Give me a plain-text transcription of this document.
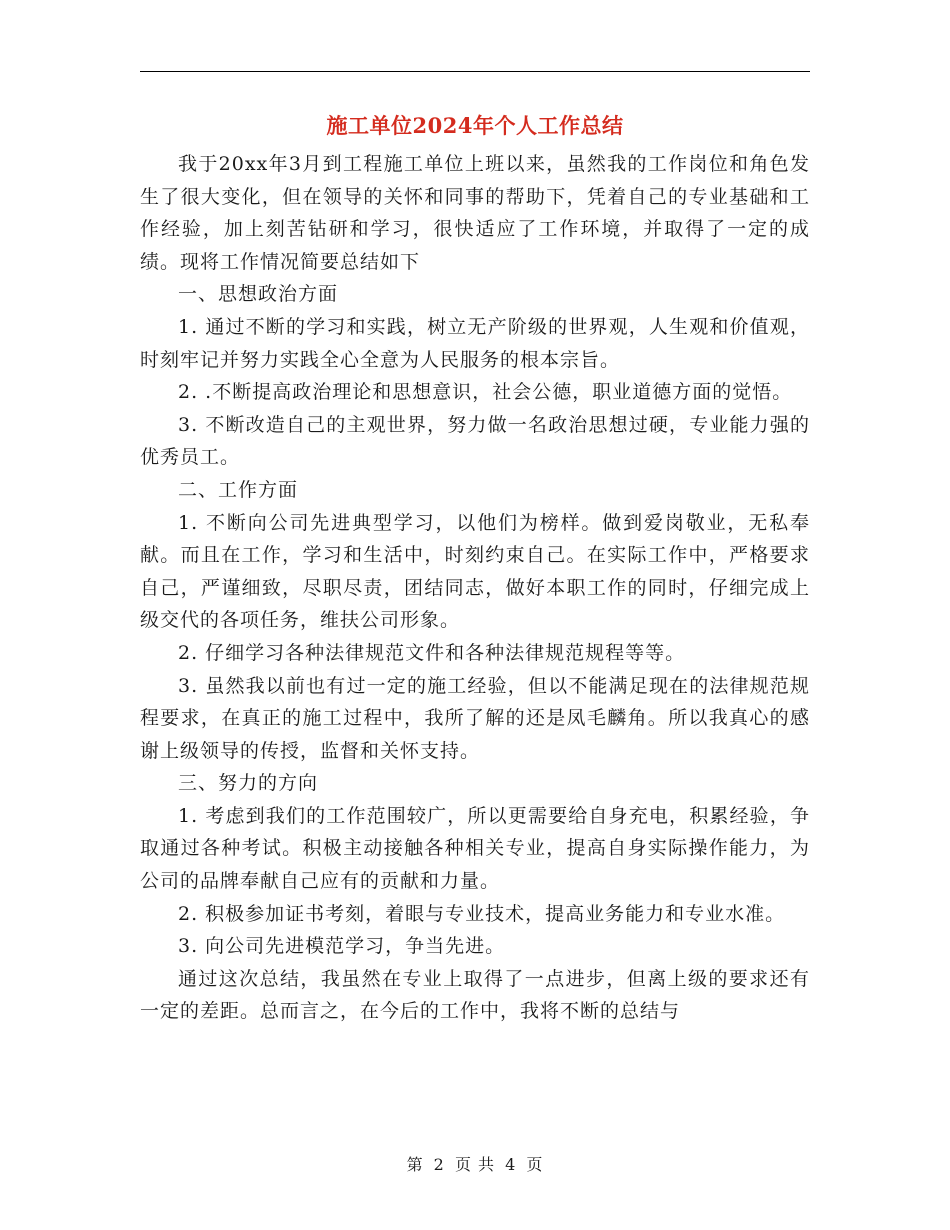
施工单位2024年个人工作总结

我于20xx年3月到工程施工单位上班以来，虽然我的工作岗位和角色发生了很大变化，但在领导的关怀和同事的帮助下，凭着自己的专业基础和工作经验，加上刻苦钻研和学习，很快适应了工作环境，并取得了一定的成绩。现将工作情况简要总结如下

一、思想政治方面

1. 通过不断的学习和实践，树立无产阶级的世界观，人生观和价值观，时刻牢记并努力实践全心全意为人民服务的根本宗旨。

2. .不断提高政治理论和思想意识，社会公德，职业道德方面的觉悟。

3. 不断改造自己的主观世界，努力做一名政治思想过硬，专业能力强的优秀员工。

二、工作方面

1. 不断向公司先进典型学习，以他们为榜样。做到爱岗敬业，无私奉献。而且在工作，学习和生活中，时刻约束自己。在实际工作中，严格要求自己，严谨细致，尽职尽责，团结同志，做好本职工作的同时，仔细完成上级交代的各项任务，维扶公司形象。

2. 仔细学习各种法律规范文件和各种法律规范规程等等。

3. 虽然我以前也有过一定的施工经验，但以不能满足现在的法律规范规程要求，在真正的施工过程中，我所了解的还是凤毛麟角。所以我真心的感谢上级领导的传授，监督和关怀支持。

三、努力的方向

1. 考虑到我们的工作范围较广，所以更需要给自身充电，积累经验，争取通过各种考试。积极主动接触各种相关专业，提高自身实际操作能力，为公司的品牌奉献自己应有的贡献和力量。

2. 积极参加证书考刻，着眼与专业技术，提高业务能力和专业水准。

3. 向公司先进模范学习，争当先进。

通过这次总结，我虽然在专业上取得了一点进步，但离上级的要求还有一定的差距。总而言之，在今后的工作中，我将不断的总结与

第 2 页 共 4 页
